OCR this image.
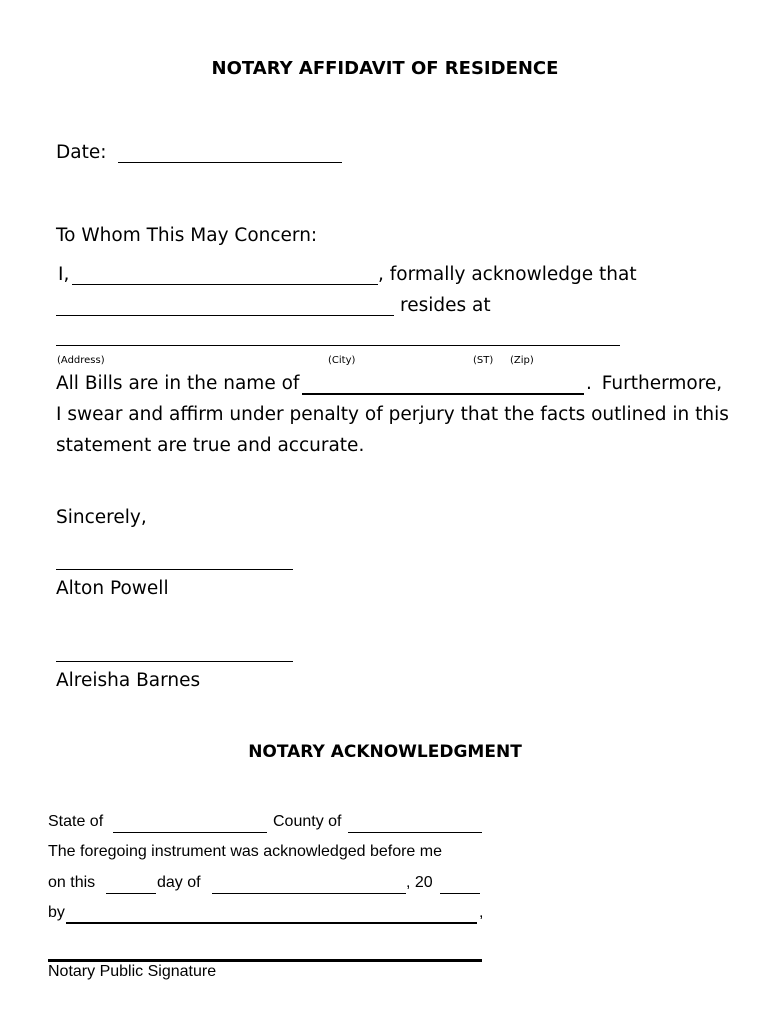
NOTARY AFFIDAVIT OF RESIDENCE
Date:
To Whom This May Concern:
I,	, formally acknowledge that
resides at
(Address)	(City)	(ST) (Zip)
All Bills are in the name of	. Furthermore,
I swear and affirm under penalty of perjury that the facts outlined in this
statement are true and accurate.
Sincerely,
Alton Powell
Alreisha Barnes
NOTARY ACKNOWLEDGMENT
State of	County of
The foregoing instrument was acknowledged before me
on this	day of	, 20
by	,
Notary Public Signature
